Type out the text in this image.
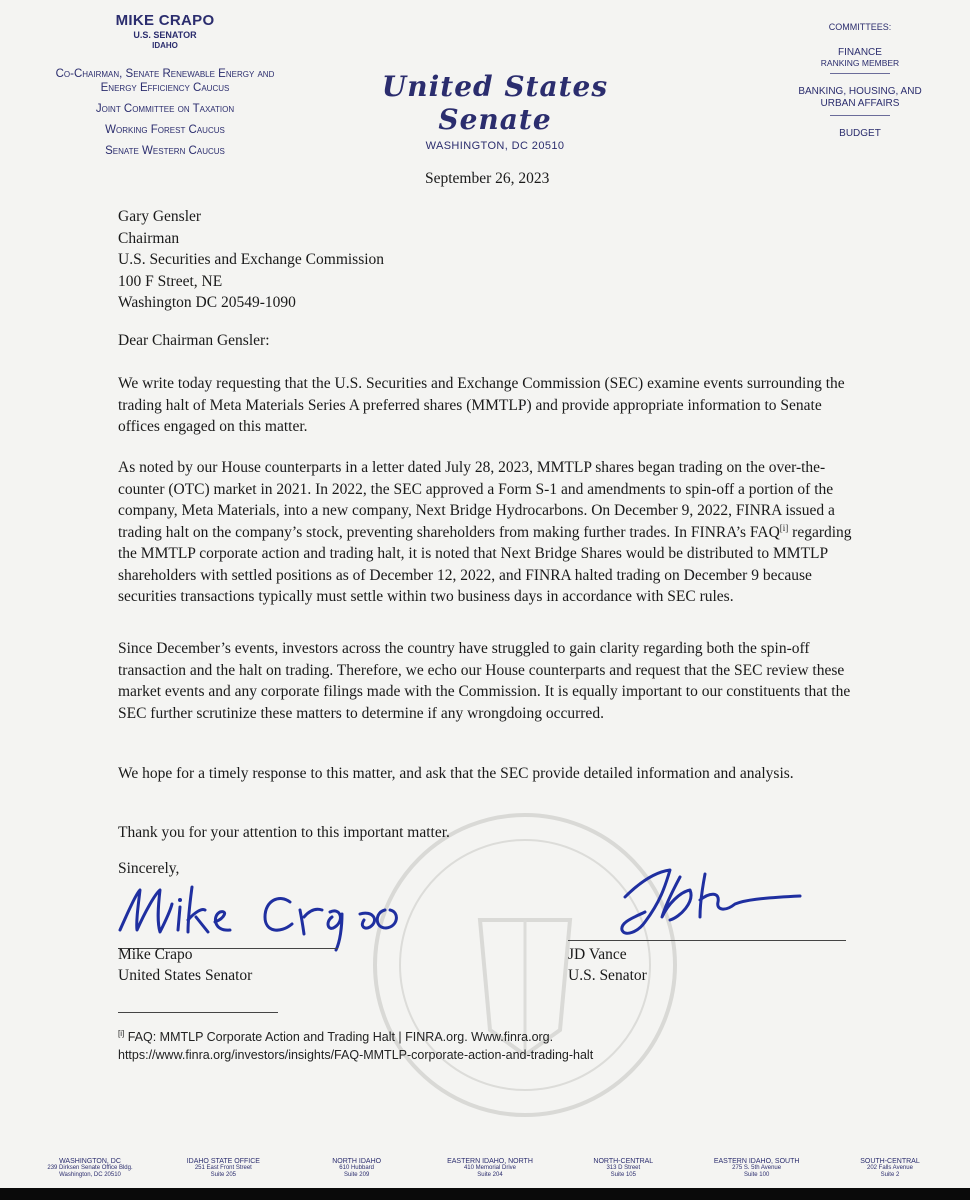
MIKE CRAPO
U.S. SENATOR
IDAHO
Co-Chairman, Senate Renewable Energy and
Energy Efficiency Caucus
Joint Committee on Taxation
Working Forest Caucus
Senate Western Caucus
United States Senate
WASHINGTON, DC 20510
COMMITTEES:
FINANCE
RANKING MEMBER
BANKING, HOUSING, AND
URBAN AFFAIRS
BUDGET
September 26, 2023
Gary Gensler
Chairman
U.S. Securities and Exchange Commission
100 F Street, NE
Washington DC 20549-1090
Dear Chairman Gensler:
We write today requesting that the U.S. Securities and Exchange Commission (SEC) examine events surrounding the trading halt of Meta Materials Series A preferred shares (MMTLP) and provide appropriate information to Senate offices engaged on this matter.
As noted by our House counterparts in a letter dated July 28, 2023, MMTLP shares began trading on the over-the-counter (OTC) market in 2021. In 2022, the SEC approved a Form S-1 and amendments to spin-off a portion of the company, Meta Materials, into a new company, Next Bridge Hydrocarbons. On December 9, 2022, FINRA issued a trading halt on the company’s stock, preventing shareholders from making further trades. In FINRA’s FAQ[i] regarding the MMTLP corporate action and trading halt, it is noted that Next Bridge Shares would be distributed to MMTLP shareholders with settled positions as of December 12, 2022, and FINRA halted trading on December 9 because securities transactions typically must settle within two business days in accordance with SEC rules.
Since December’s events, investors across the country have struggled to gain clarity regarding both the spin-off transaction and the halt on trading. Therefore, we echo our House counterparts and request that the SEC review these market events and any corporate filings made with the Commission. It is equally important to our constituents that the SEC further scrutinize these matters to determine if any wrongdoing occurred.
We hope for a timely response to this matter, and ask that the SEC provide detailed information and analysis.
Thank you for your attention to this important matter.
Sincerely,
Mike Crapo
United States Senator
JD Vance
U.S. Senator
[i] FAQ: MMTLP Corporate Action and Trading Halt | FINRA.org. Www.finra.org.
https://www.finra.org/investors/insights/FAQ-MMTLP-corporate-action-and-trading-halt
WASHINGTON, DC
239 Dirksen Senate Office Bldg.
Washington, DC 20510
IDAHO STATE OFFICE
251 East Front Street
Suite 205
NORTH IDAHO
610 Hubbard
Suite 209
EASTERN IDAHO, NORTH
410 Memorial Drive
Suite 204
NORTH-CENTRAL
313 D Street
Suite 105
EASTERN IDAHO, SOUTH
275 S. 5th Avenue
Suite 100
SOUTH-CENTRAL
202 Falls Avenue
Suite 2
